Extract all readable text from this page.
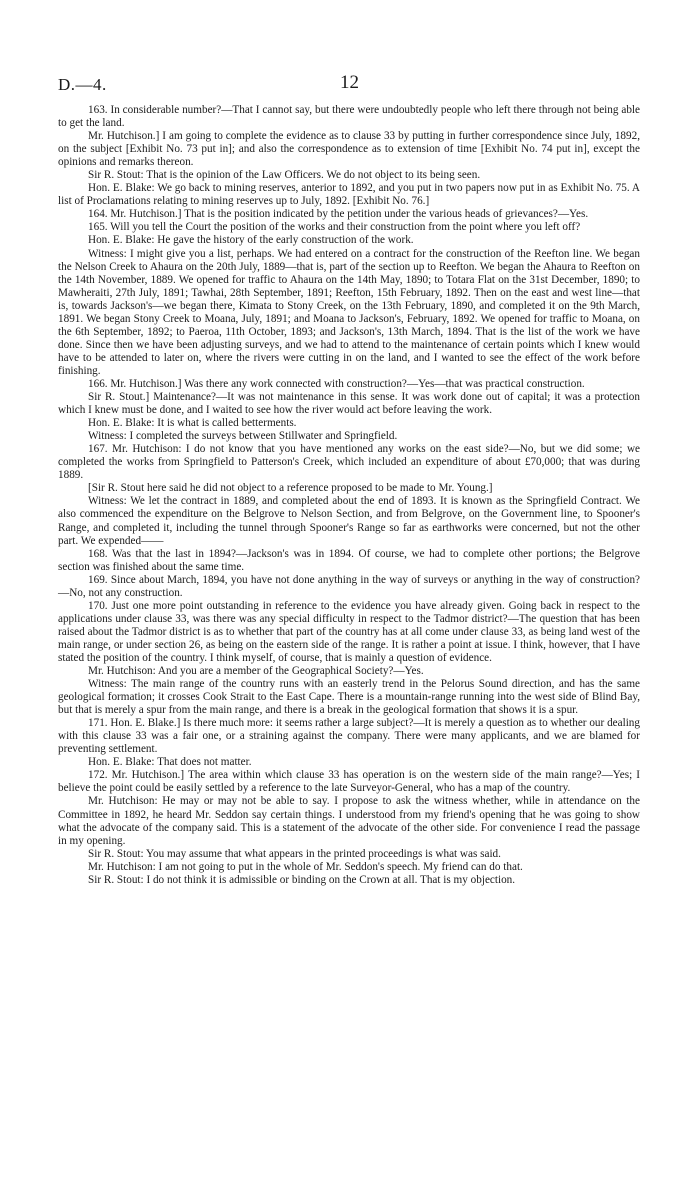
D.—4.	12

163. In considerable number?—That I cannot say, but there were undoubtedly people who left there through not being able to get the land.

Mr. Hutchison.] I am going to complete the evidence as to clause 33 by putting in further correspondence since July, 1892, on the subject [Exhibit No. 73 put in]; and also the correspondence as to extension of time [Exhibit No. 74 put in], except the opinions and remarks thereon.

Sir R. Stout: That is the opinion of the Law Officers. We do not object to its being seen.

Hon. E. Blake: We go back to mining reserves, anterior to 1892, and you put in two papers now put in as Exhibit No. 75. A list of Proclamations relating to mining reserves up to July, 1892. [Exhibit No. 76.]

164. Mr. Hutchison.] That is the position indicated by the petition under the various heads of grievances?—Yes.

165. Will you tell the Court the position of the works and their construction from the point where you left off?

Hon. E. Blake: He gave the history of the early construction of the work.

Witness: I might give you a list, perhaps. We had entered on a contract for the construction of the Reefton line. We began the Nelson Creek to Ahaura on the 20th July, 1889—that is, part of the section up to Reefton. We began the Ahaura to Reefton on the 14th November, 1889. We opened for traffic to Ahaura on the 14th May, 1890; to Totara Flat on the 31st December, 1890; to Mawheraiti, 27th July, 1891; Tawhai, 28th September, 1891; Reefton, 15th February, 1892. Then on the east and west line—that is, towards Jackson's—we began there, Kimata to Stony Creek, on the 13th February, 1890, and completed it on the 9th March, 1891. We began Stony Creek to Moana, July, 1891; and Moana to Jackson's, February, 1892. We opened for traffic to Moana, on the 6th September, 1892; to Paeroa, 11th October, 1893; and Jackson's, 13th March, 1894. That is the list of the work we have done. Since then we have been adjusting surveys, and we had to attend to the maintenance of certain points which I knew would have to be attended to later on, where the rivers were cutting in on the land, and I wanted to see the effect of the work before finishing.

166. Mr. Hutchison.] Was there any work connected with construction?—Yes—that was practical construction.

Sir R. Stout.] Maintenance?—It was not maintenance in this sense. It was work done out of capital; it was a protection which I knew must be done, and I waited to see how the river would act before leaving the work.

Hon. E. Blake: It is what is called betterments.

Witness: I completed the surveys between Stillwater and Springfield.

167. Mr. Hutchison: I do not know that you have mentioned any works on the east side?—No, but we did some; we completed the works from Springfield to Patterson's Creek, which included an expenditure of about £70,000; that was during 1889.

[Sir R. Stout here said he did not object to a reference proposed to be made to Mr. Young.]

Witness: We let the contract in 1889, and completed about the end of 1893. It is known as the Springfield Contract. We also commenced the expenditure on the Belgrove to Nelson Section, and from Belgrove, on the Government line, to Spooner's Range, and completed it, including the tunnel through Spooner's Range so far as earthworks were concerned, but not the other part. We expended——

168. Was that the last in 1894?—Jackson's was in 1894. Of course, we had to complete other portions; the Belgrove section was finished about the same time.

169. Since about March, 1894, you have not done anything in the way of surveys or anything in the way of construction?—No, not any construction.

170. Just one more point outstanding in reference to the evidence you have already given. Going back in respect to the applications under clause 33, was there was any special difficulty in respect to the Tadmor district?—The question that has been raised about the Tadmor district is as to whether that part of the country has at all come under clause 33, as being land west of the main range, or under section 26, as being on the eastern side of the range. It is rather a point at issue. I think, however, that I have stated the position of the country. I think myself, of course, that is mainly a question of evidence.

Mr. Hutchison: And you are a member of the Geographical Society?—Yes.

Witness: The main range of the country runs with an easterly trend in the Pelorus Sound direction, and has the same geological formation; it crosses Cook Strait to the East Cape. There is a mountain-range running into the west side of Blind Bay, but that is merely a spur from the main range, and there is a break in the geological formation that shows it is a spur.

171. Hon. E. Blake.] Is there much more: it seems rather a large subject?—It is merely a question as to whether our dealing with this clause 33 was a fair one, or a straining against the company. There were many applicants, and we are blamed for preventing settlement.

Hon. E. Blake: That does not matter.

172. Mr. Hutchison.] The area within which clause 33 has operation is on the western side of the main range?—Yes; I believe the point could be easily settled by a reference to the late Surveyor-General, who has a map of the country.

Mr. Hutchison: He may or may not be able to say. I propose to ask the witness whether, while in attendance on the Committee in 1892, he heard Mr. Seddon say certain things. I understood from my friend's opening that he was going to show what the advocate of the company said. This is a statement of the advocate of the other side. For convenience I read the passage in my opening.

Sir R. Stout: You may assume that what appears in the printed proceedings is what was said.

Mr. Hutchison: I am not going to put in the whole of Mr. Seddon's speech. My friend can do that.

Sir R. Stout: I do not think it is admissible or binding on the Crown at all. That is my objection.
